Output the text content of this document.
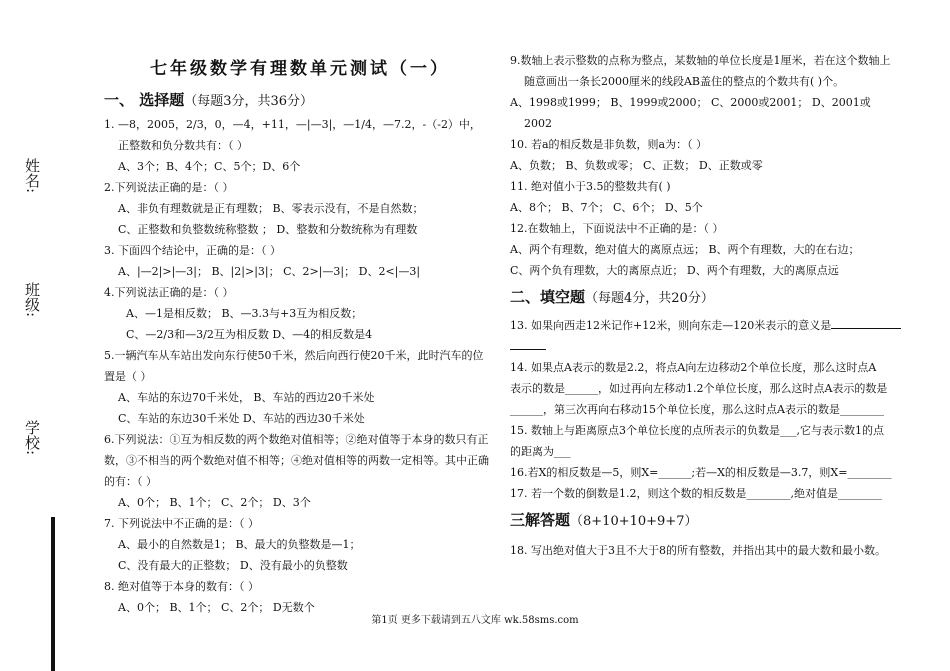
姓名:
班级:
学校:
七年级数学有理数单元测试（一）

一、 选择题（每题3分，共36分）

1. —8，2005，2/3，0，—4，+11，—|—3|，—1/4，—7.2，-（-2）中，

正整数和负分数共有：（ ）

A、3个；B、4个；C、5个；D、6个

2.下列说法正确的是：（ ）

A、非负有理数就是正有理数； B、零表示没有，不是自然数；

C、正整数和负整数统称整数 ； D、整数和分数统称为有理数

3. 下面四个结论中，正确的是：（ ）

A、|—2|>|—3|； B、|2|>|3|； C、2>|—3|； D、2<|—3|

4.下列说法正确的是：（ ）

A、—1是相反数； B、—3.3与+3互为相反数；

C、—2/3和—3/2互为相反数 D、—4的相反数是4

5.一辆汽车从车站出发向东行使50千米，然后向西行使20千米，此时汽车的位

置是（ ）

A、车站的东边70千米处， B、车站的西边20千米处

C、车站的东边30千米处 D、车站的西边30千米处

6.下列说法：①互为相反数的两个数绝对值相等；②绝对值等于本身的数只有正

数，③不相当的两个数绝对值不相等；④绝对值相等的两数一定相等。其中正确

的有：（ ）

A、0个； B、1个； C、2个； D、3个

7. 下列说法中不正确的是：（ ）

A、最小的自然数是1； B、最大的负整数是—1；

C、没有最大的正整数； D、没有最小的负整数

8. 绝对值等于本身的数有：（ ）

A、0个； B、1个； C、2个； D无数个

9.数轴上表示整数的点称为整点，某数轴的单位长度是1厘米，若在这个数轴上

随意画出一条长2000厘米的线段AB盖住的整点的个数共有( )个。

A、1998或1999； B、1999或2000； C、2000或2001； D、2001或

2002

10. 若a的相反数是非负数，则a为：（ ）

A、负数； B、负数或零； C、正数； D、正数或零

11. 绝对值小于3.5的整数共有( )

A、8个； B、7个； C、6个； D、5个

12.在数轴上，下面说法中不正确的是：（ ）

A、两个有理数，绝对值大的离原点远； B、两个有理数，大的在右边；

C、两个负有理数，大的离原点近； D、两个有理数，大的离原点远

二、填空题（每题4分，共20分）

13. 如果向西走12米记作+12米，则向东走—120米表示的意义是

14. 如果点A表示的数是2.2，将点A向左边移动2个单位长度，那么这时点A

表示的数是______，如过再向左移动1.2个单位长度，那么这时点A表示的数是

______，第三次再向右移动15个单位长度，那么这时点A表示的数是________

15. 数轴上与距离原点3个单位长度的点所表示的负数是___,它与表示数1的点

的距离为___

16.若X的相反数是—5，则X=______;若—X的相反数是—3.7，则X=________

17. 若一个数的倒数是1.2，则这个数的相反数是________,绝对值是________

三解答题（8+10+10+9+7）

18. 写出绝对值大于3且不大于8的所有整数，并指出其中的最大数和最小数。

第1页 更多下载请到五八文库 wk.58sms.com
